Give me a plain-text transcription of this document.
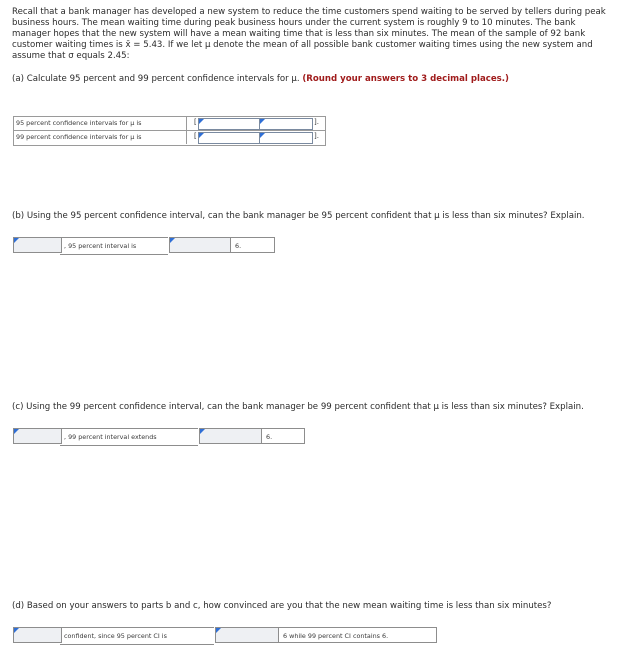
Recall that a bank manager has developed a new system to reduce the time customers spend waiting to be served by tellers during peak business hours. The mean waiting time during peak business hours under the current system is roughly 9 to 10 minutes. The bank manager hopes that the new system will have a mean waiting time that is less than six minutes. The mean of the sample of 92 bank customer waiting times is x̄ = 5.43. If we let μ denote the mean of all possible bank customer waiting times using the new system and assume that σ equals 2.45:
(a) Calculate 95 percent and 99 percent confidence intervals for μ. (Round your answers to 3 decimal places.)
95 percent confidence intervals for μ is	[	].
99 percent confidence intervals for μ is	[	].
(b) Using the 95 percent confidence interval, can the bank manager be 95 percent confident that μ is less than six minutes? Explain.
, 95 percent interval is	6.
(c) Using the 99 percent confidence interval, can the bank manager be 99 percent confident that μ is less than six minutes? Explain.
, 99 percent interval extends	6.
(d) Based on your answers to parts b and c, how convinced are you that the new mean waiting time is less than six minutes?
confident, since 95 percent CI is	6 while 99 percent CI contains 6.
